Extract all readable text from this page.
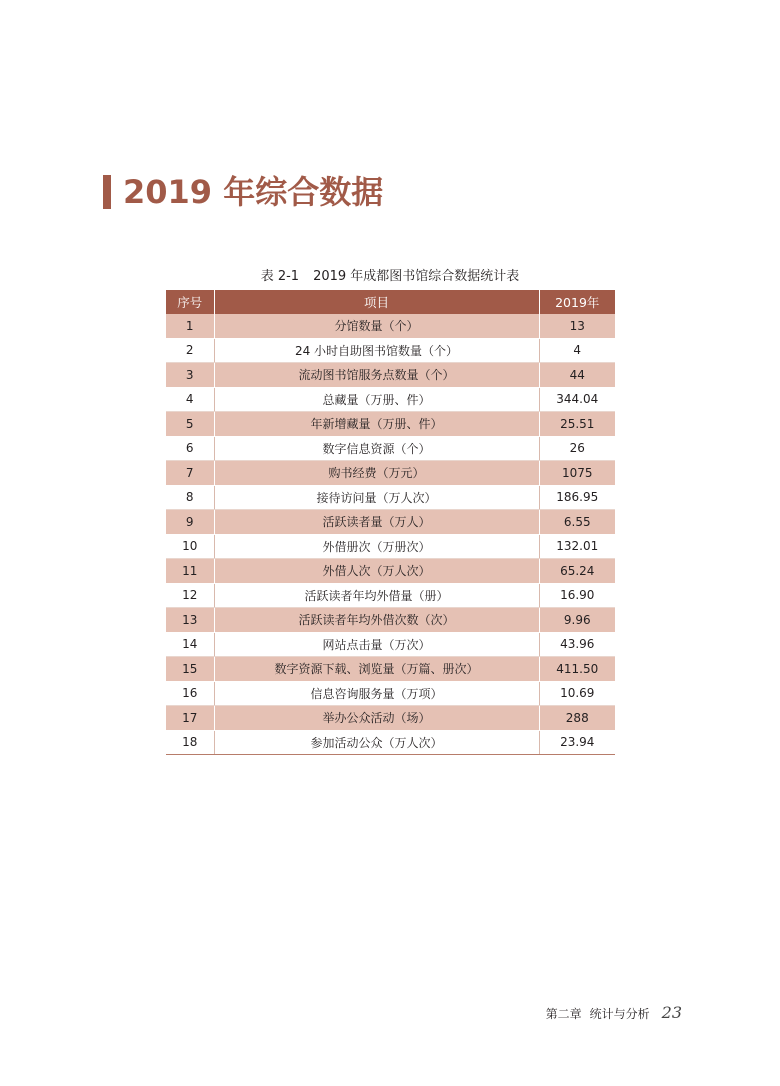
2019 年综合数据
表 2-1 2019 年成都图书馆综合数据统计表
序号	项目	2019年
1	分馆数量（个）	13
2	24 小时自助图书馆数量（个）	4
3	流动图书馆服务点数量（个）	44
4	总藏量（万册、件）	344.04
5	年新增藏量（万册、件）	25.51
6	数字信息资源（个）	26
7	购书经费（万元）	1075
8	接待访问量（万人次）	186.95
9	活跃读者量（万人）	6.55
10	外借册次（万册次）	132.01
11	外借人次（万人次）	65.24
12	活跃读者年均外借量（册）	16.90
13	活跃读者年均外借次数（次）	9.96
14	网站点击量（万次）	43.96
15	数字资源下载、浏览量（万篇、册次）	411.50
16	信息咨询服务量（万项）	10.69
17	举办公众活动（场）	288
18	参加活动公众（万人次）	23.94
第二章 统计与分析 23
